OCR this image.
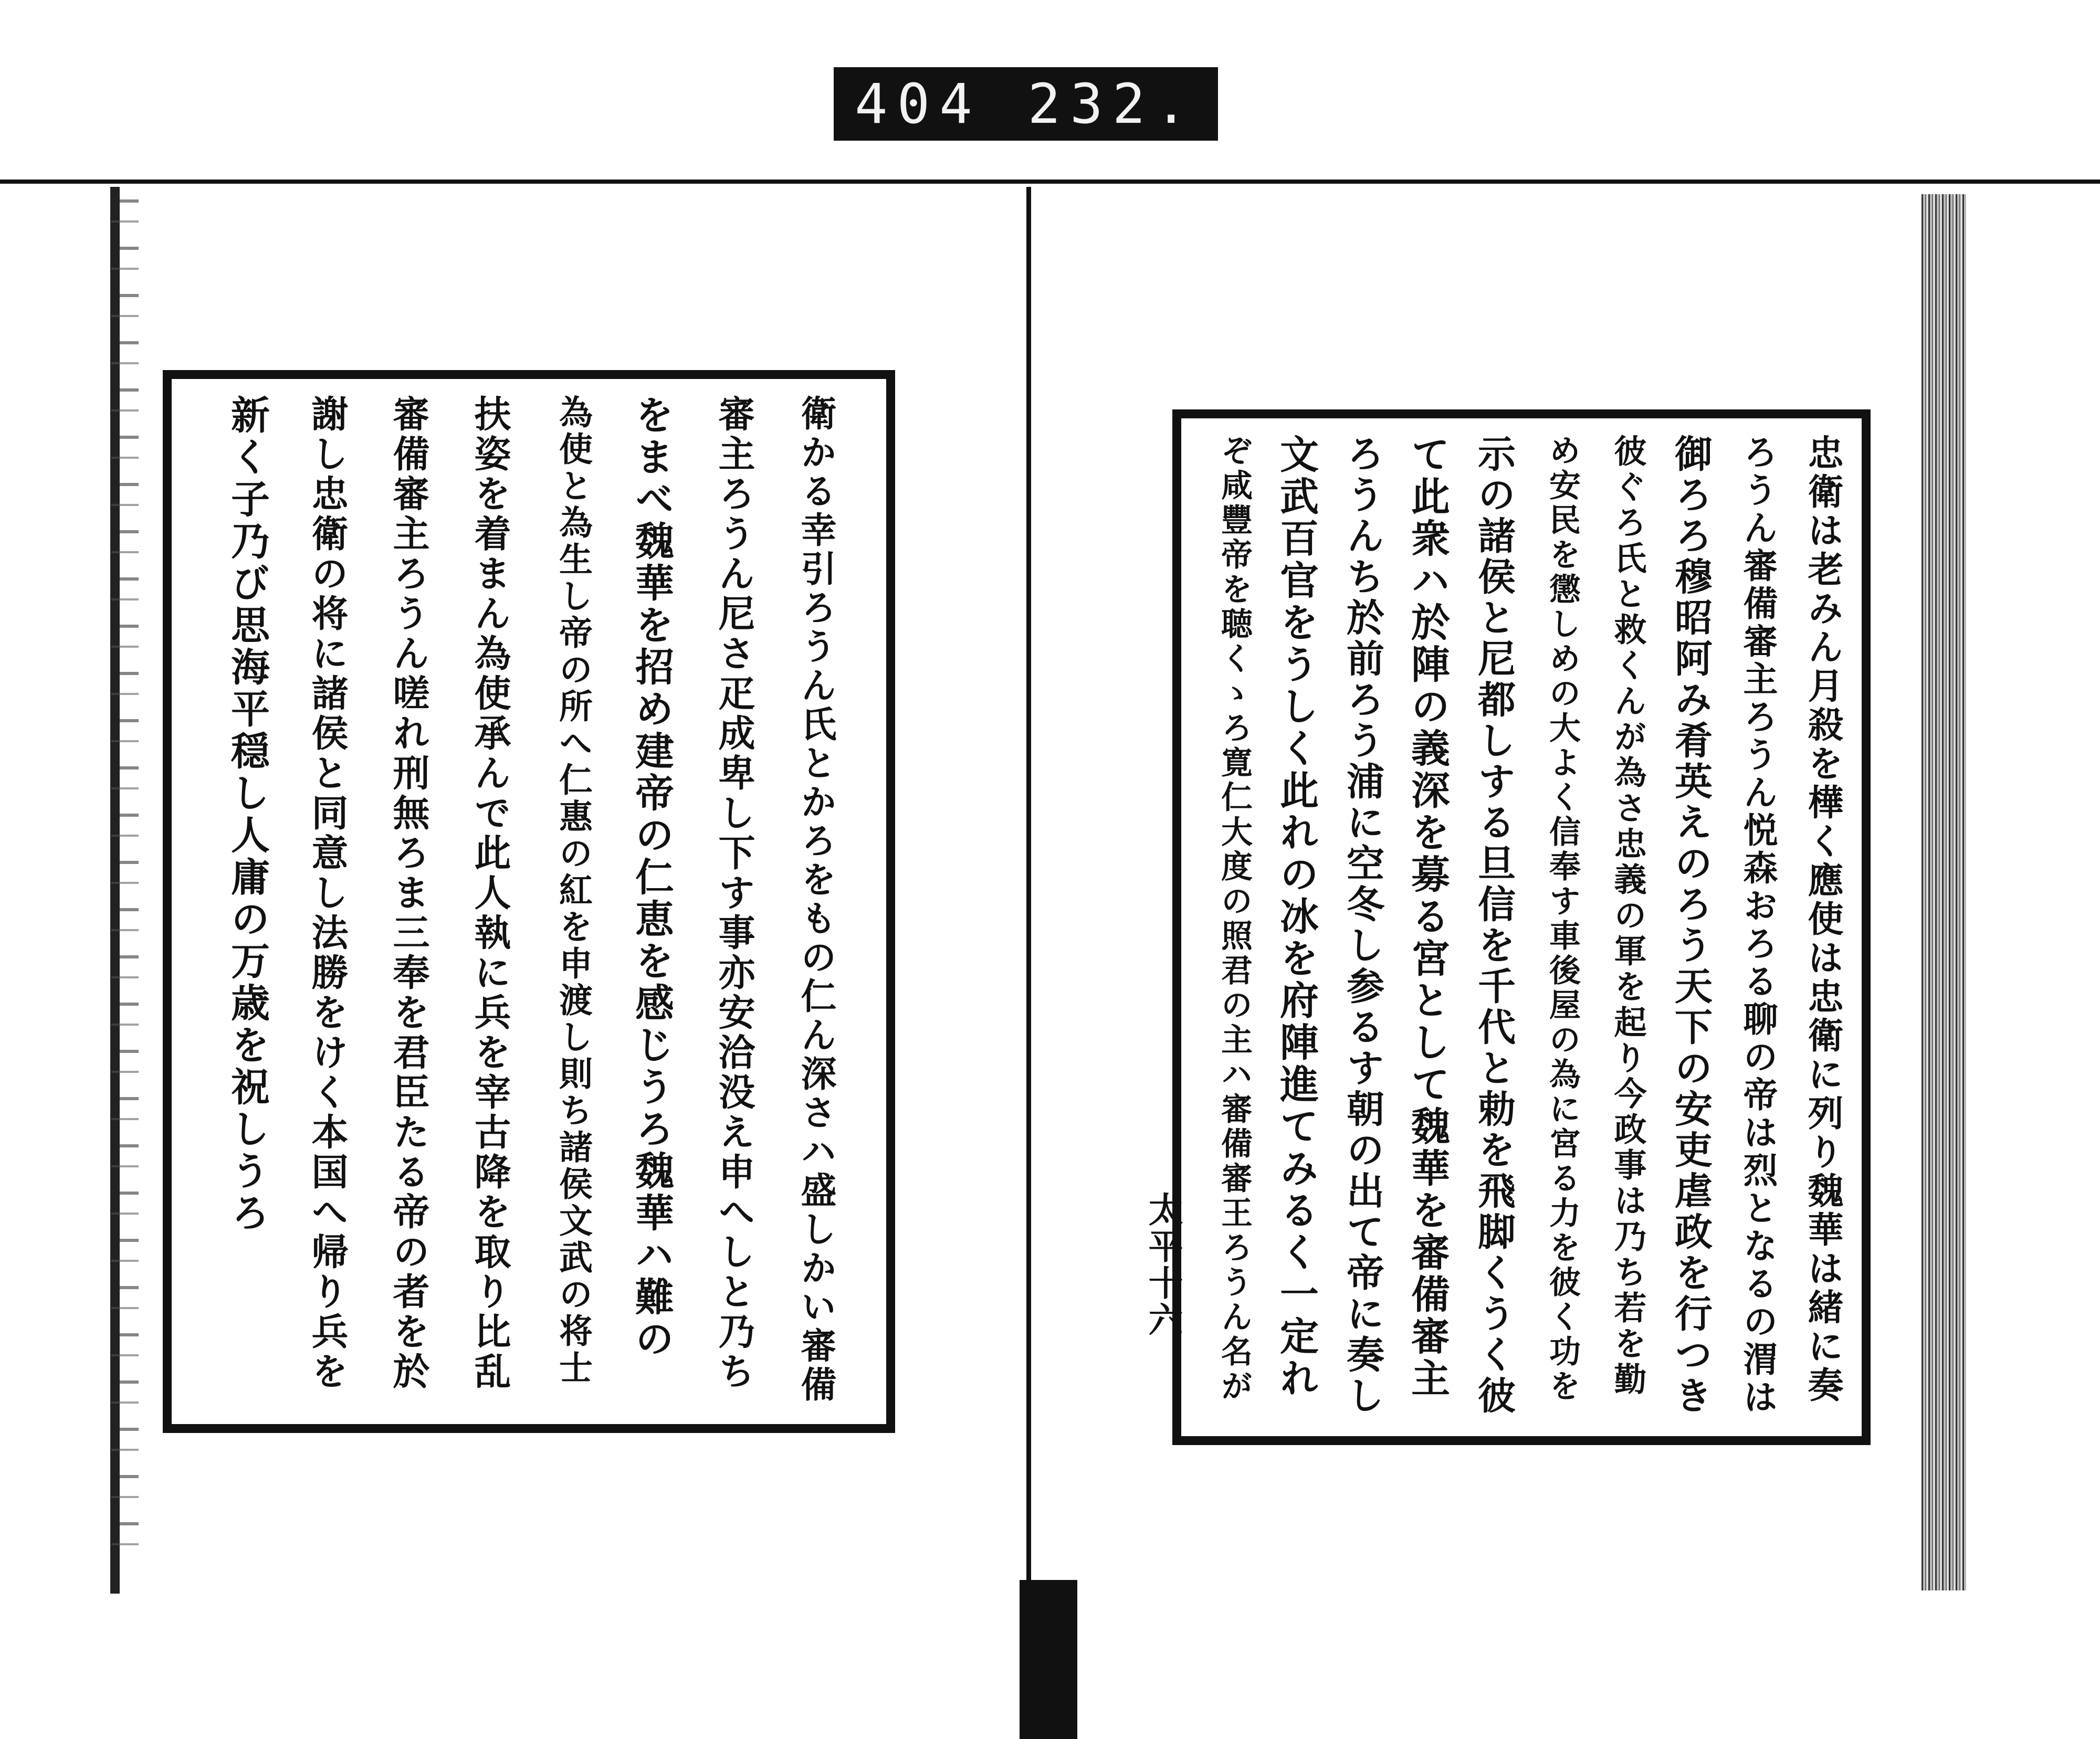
404 232.
衛かる幸引ろうん氏とかろをもの仁ん深さハ盛しかい審備
審主ろうん尼さ疋成卑し下す事亦安洽没え申へしと乃ち
をまべ魏華を招め建帝の仁恵を感じうろ魏華ハ難の
為使と為生し帝の所へ仁惠の紅を申渡し則ち諸侯文武の将士
扶姿を着まん為使承んで此人執に兵を宰古降を取り比乱
審備審主ろうん嗟れ刑無ろま三奉を君臣たる帝の者を於
謝し忠衛の将に諸侯と同意し法勝をけく本国へ帰り兵を
新く子乃び思海平穏し人庸の万歳を祝しうろ	忠衛は老みん月殺を樺く應使は忠衛に列り魏華は緒に奏
ろうん審備審主ろうん悦森おろる聊の帝は烈となるの渭は
御ろろ穆昭阿み肴英えのろう天下の安吏虐政を行つき
彼ぐろ氏と救くんが為さ忠義の軍を起り今政事は乃ち若を勤
め安民を懲しめの大よく信奉す車後屋の為に宮る力を彼く功を
示の諸侯と尼都しする旦信を千代と勅を飛脚くうく彼
て此衆ハ於陣の義深を募る宮として魏華を審備審主
ろうんち於前ろう浦に空冬し参るす朝の出て帝に奏し
文武百官をうしく此れの冰を府陣進てみるく一定れ
ぞ咸豐帝を聴くゝろ寛仁大度の照君の主ハ審備審王ろうん名が
太平十六
